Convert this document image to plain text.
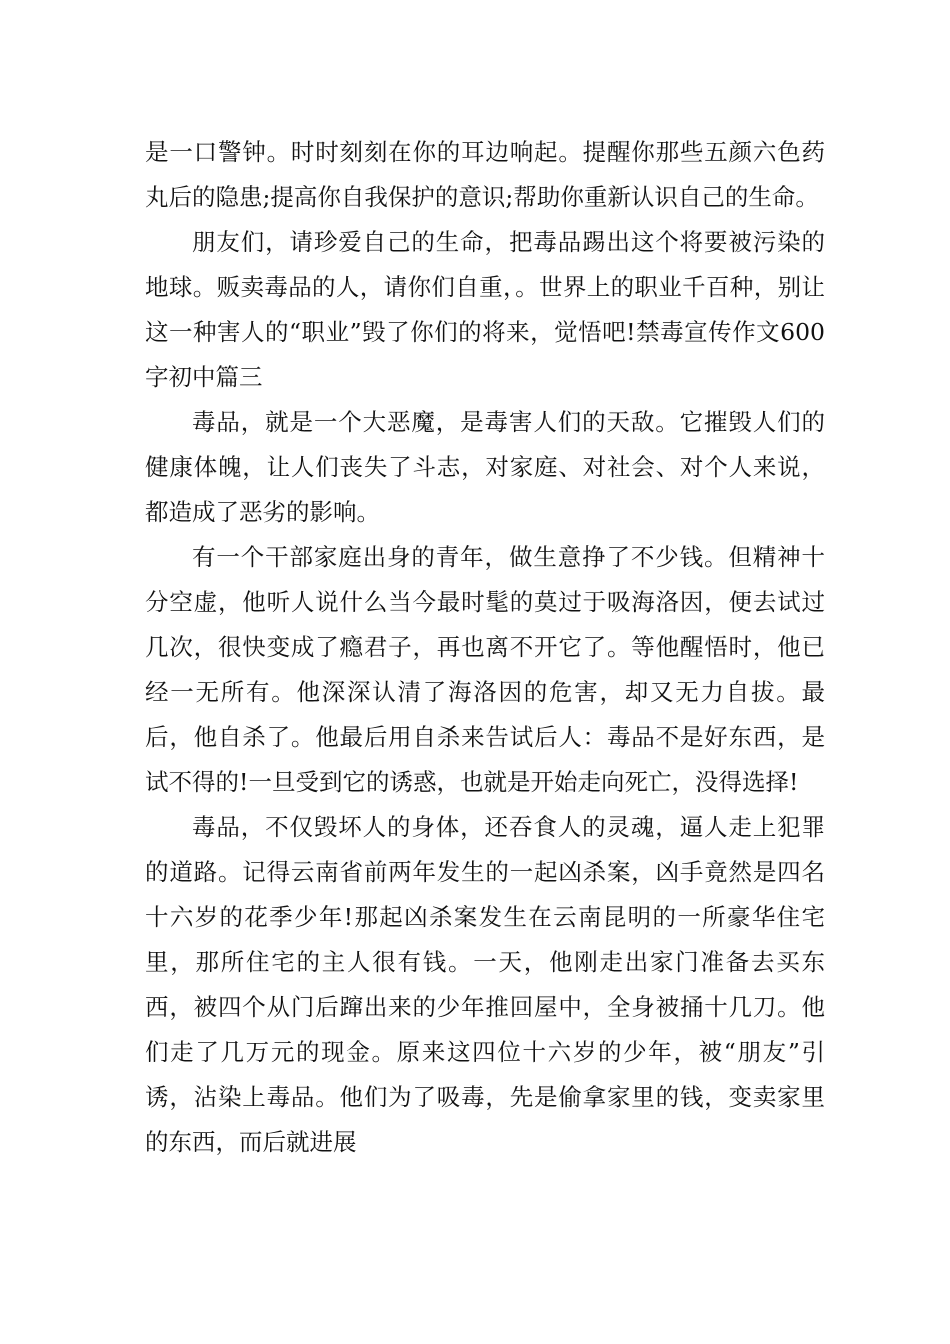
是一口警钟。时时刻刻在你的耳边响起。提醒你那些五颜六色药丸后的隐患;提高你自我保护的意识;帮助你重新认识自己的生命。

朋友们，请珍爱自己的生命，把毒品踢出这个将要被污染的地球。贩卖毒品的人，请你们自重，。世界上的职业千百种，别让这一种害人的“职业”毁了你们的将来，觉悟吧!禁毒宣传作文600字初中篇三

毒品，就是一个大恶魔，是毒害人们的天敌。它摧毁人们的健康体魄，让人们丧失了斗志，对家庭、对社会、对个人来说，都造成了恶劣的影响。

有一个干部家庭出身的青年，做生意挣了不少钱。但精神十分空虚，他听人说什么当今最时髦的莫过于吸海洛因，便去试过几次，很快变成了瘾君子，再也离不开它了。等他醒悟时，他已经一无所有。他深深认清了海洛因的危害，却又无力自拔。最后，他自杀了。他最后用自杀来告试后人：毒品不是好东西，是试不得的!一旦受到它的诱惑，也就是开始走向死亡，没得选择!

毒品，不仅毁坏人的身体，还吞食人的灵魂，逼人走上犯罪的道路。记得云南省前两年发生的一起凶杀案，凶手竟然是四名十六岁的花季少年!那起凶杀案发生在云南昆明的一所豪华住宅里，那所住宅的主人很有钱。一天，他刚走出家门准备去买东西，被四个从门后蹿出来的少年推回屋中，全身被捅十几刀。他们走了几万元的现金。原来这四位十六岁的少年，被“朋友”引诱，沾染上毒品。他们为了吸毒，先是偷拿家里的钱，变卖家里的东西，而后就进展
